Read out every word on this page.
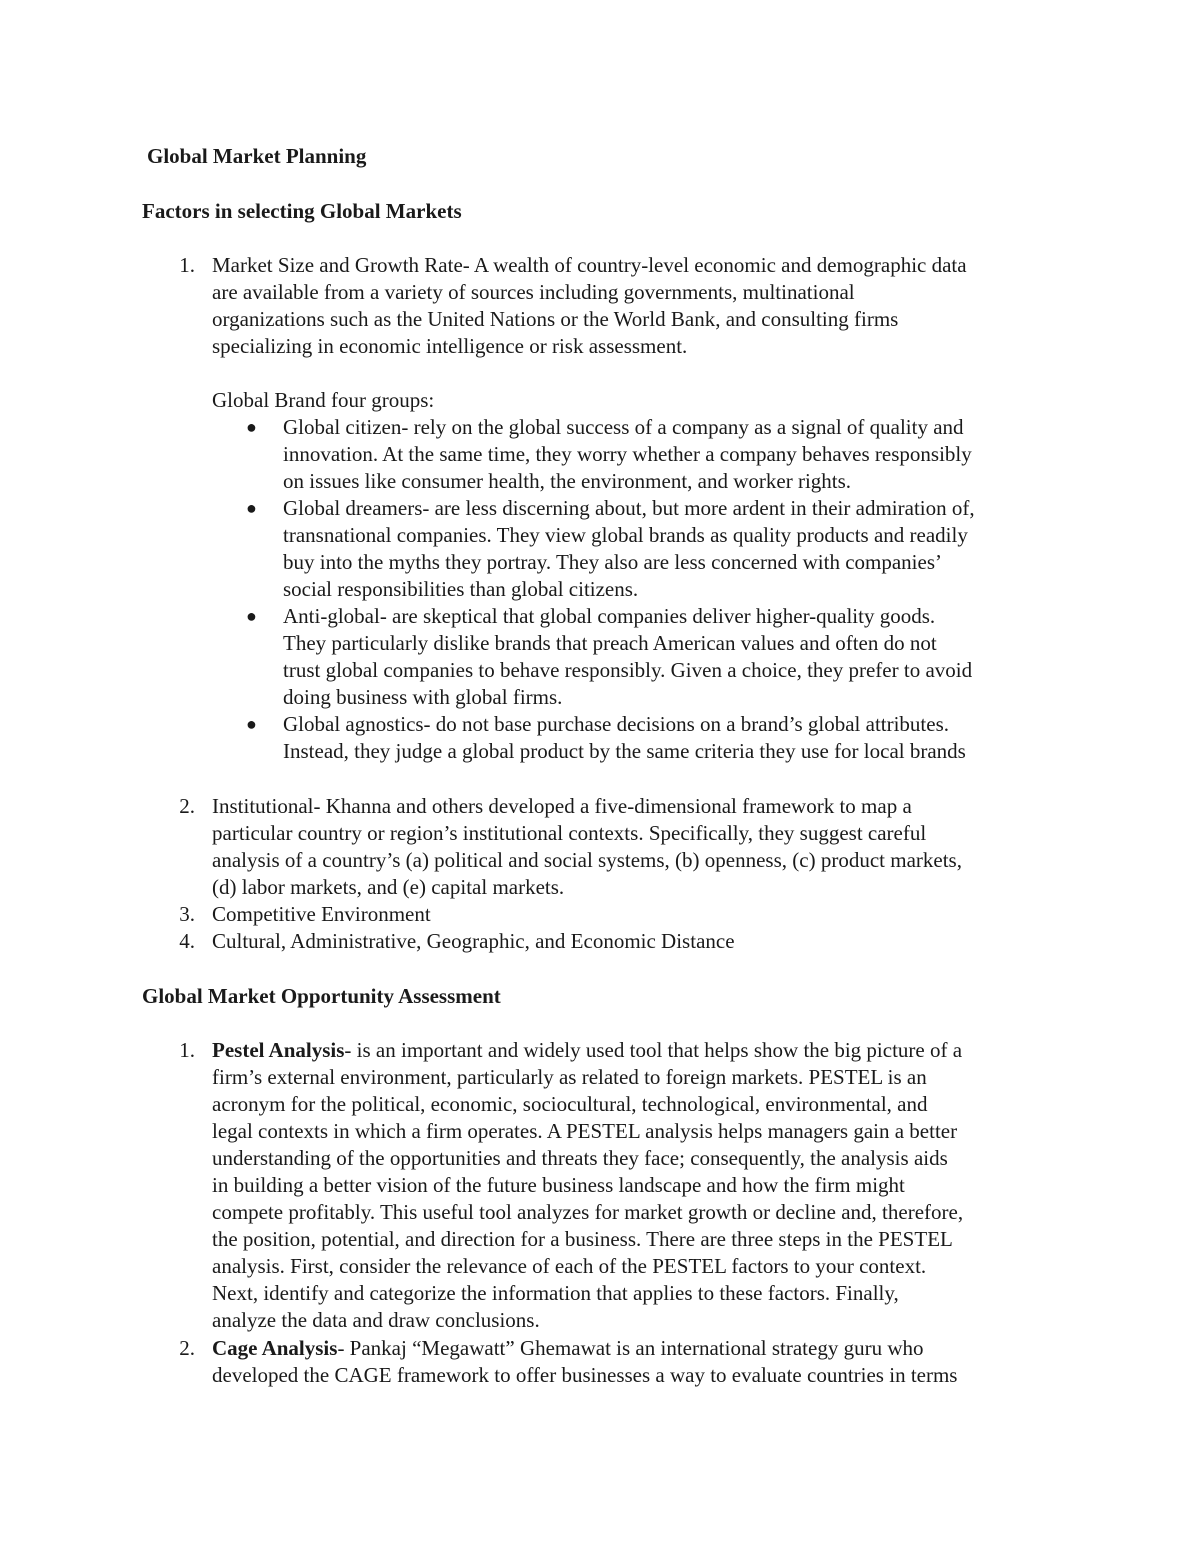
Global Market Planning
Factors in selecting Global Markets
1. Market Size and Growth Rate- A wealth of country-level economic and demographic data

are available from a variety of sources including governments, multinational

organizations such as the United Nations or the World Bank, and consulting firms

specializing in economic intelligence or risk assessment.

Global Brand four groups:
● Global citizen- rely on the global success of a company as a signal of quality and
innovation. At the same time, they worry whether a company behaves responsibly
on issues like consumer health, the environment, and worker rights.
● Global dreamers- are less discerning about, but more ardent in their admiration of,
transnational companies. They view global brands as quality products and readily
buy into the myths they portray. They also are less concerned with companies’
social responsibilities than global citizens.
● Anti-global- are skeptical that global companies deliver higher-quality goods.
They particularly dislike brands that preach American values and often do not
trust global companies to behave responsibly. Given a choice, they prefer to avoid
doing business with global firms.
● Global agnostics- do not base purchase decisions on a brand’s global attributes.
Instead, they judge a global product by the same criteria they use for local brands
2. Institutional- Khanna and others developed a five-dimensional framework to map a

particular country or region’s institutional contexts. Specifically, they suggest careful

analysis of a country’s (a) political and social systems, (b) openness, (c) product markets,

(d) labor markets, and (e) capital markets.

3. Competitive Environment

4. Cultural, Administrative, Geographic, and Economic Distance

Global Market Opportunity Assessment
1. Pestel Analysis- is an important and widely used tool that helps show the big picture of a

firm’s external environment, particularly as related to foreign markets. PESTEL is an

acronym for the political, economic, sociocultural, technological, environmental, and

legal contexts in which a firm operates. A PESTEL analysis helps managers gain a better

understanding of the opportunities and threats they face; consequently, the analysis aids

in building a better vision of the future business landscape and how the firm might

compete profitably. This useful tool analyzes for market growth or decline and, therefore,

the position, potential, and direction for a business. There are three steps in the PESTEL

analysis. First, consider the relevance of each of the PESTEL factors to your context.

Next, identify and categorize the information that applies to these factors. Finally,

analyze the data and draw conclusions.

2. Cage Analysis- Pankaj “Megawatt” Ghemawat is an international strategy guru who

developed the CAGE framework to offer businesses a way to evaluate countries in terms
